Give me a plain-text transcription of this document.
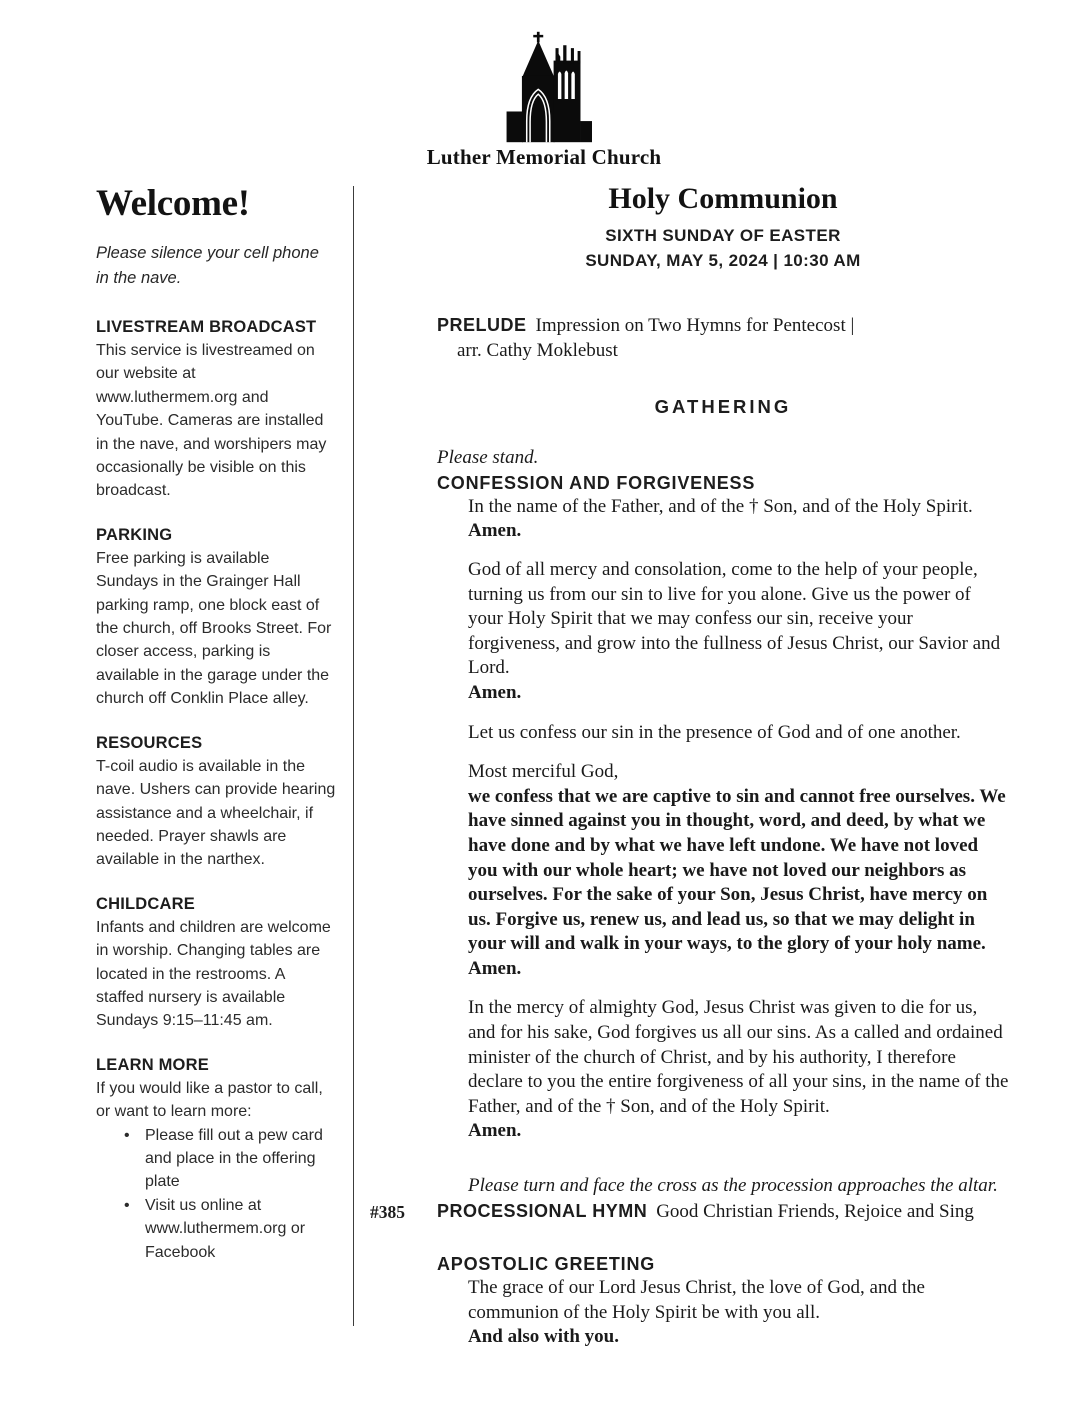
Luther Memorial Church
Welcome!

Please silence your cell phone in the nave.

LIVESTREAM BROADCAST

This service is livestreamed on our website at www.luthermem.org and YouTube. Cameras are installed in the nave, and worshipers may occasionally be visible on this broadcast.

PARKING

Free parking is available Sundays in the Grainger Hall parking ramp, one block east of the church, off Brooks Street. For closer access, parking is available in the garage under the church off Conklin Place alley.

RESOURCES

T-coil audio is available in the nave. Ushers can provide hearing assistance and a wheelchair, if needed. Prayer shawls are available in the narthex.

CHILDCARE

Infants and children are welcome in worship. Changing tables are located in the restrooms. A staffed nursery is available Sundays 9:15–11:45 am.

LEARN MORE

If you would like a pastor to call, or want to learn more:

• Please fill out a pew card and place in the offering plate
• Visit us online at www.luthermem.org or Facebook
Holy Communion

SIXTH SUNDAY OF EASTER

SUNDAY, MAY 5, 2024 | 10:30 AM

PRELUDE Impression on Two Hymns for Pentecost |

arr. Cathy Moklebust

GATHERING

Please stand.

CONFESSION AND FORGIVENESS

In the name of the Father, and of the † Son, and of the Holy Spirit.

Amen.

God of all mercy and consolation, come to the help of your people, turning us from our sin to live for you alone. Give us the power of your Holy Spirit that we may confess our sin, receive your forgiveness, and grow into the fullness of Jesus Christ, our Savior and Lord.

Amen.

Let us confess our sin in the presence of God and of one another.

Most merciful God,

we confess that we are captive to sin and cannot free ourselves. We have sinned against you in thought, word, and deed, by what we have done and by what we have left undone. We have not loved you with our whole heart; we have not loved our neighbors as ourselves. For the sake of your Son, Jesus Christ, have mercy on us. Forgive us, renew us, and lead us, so that we may delight in your will and walk in your ways, to the glory of your holy name.

Amen.

In the mercy of almighty God, Jesus Christ was given to die for us, and for his sake, God forgives us all our sins. As a called and ordained minister of the church of Christ, and by his authority, I therefore declare to you the entire forgiveness of all your sins, in the name of the Father, and of the † Son, and of the Holy Spirit.

Amen.

Please turn and face the cross as the procession approaches the altar.

#385 PROCESSIONAL HYMN Good Christian Friends, Rejoice and Sing

APOSTOLIC GREETING

The grace of our Lord Jesus Christ, the love of God, and the communion of the Holy Spirit be with you all.

And also with you.
